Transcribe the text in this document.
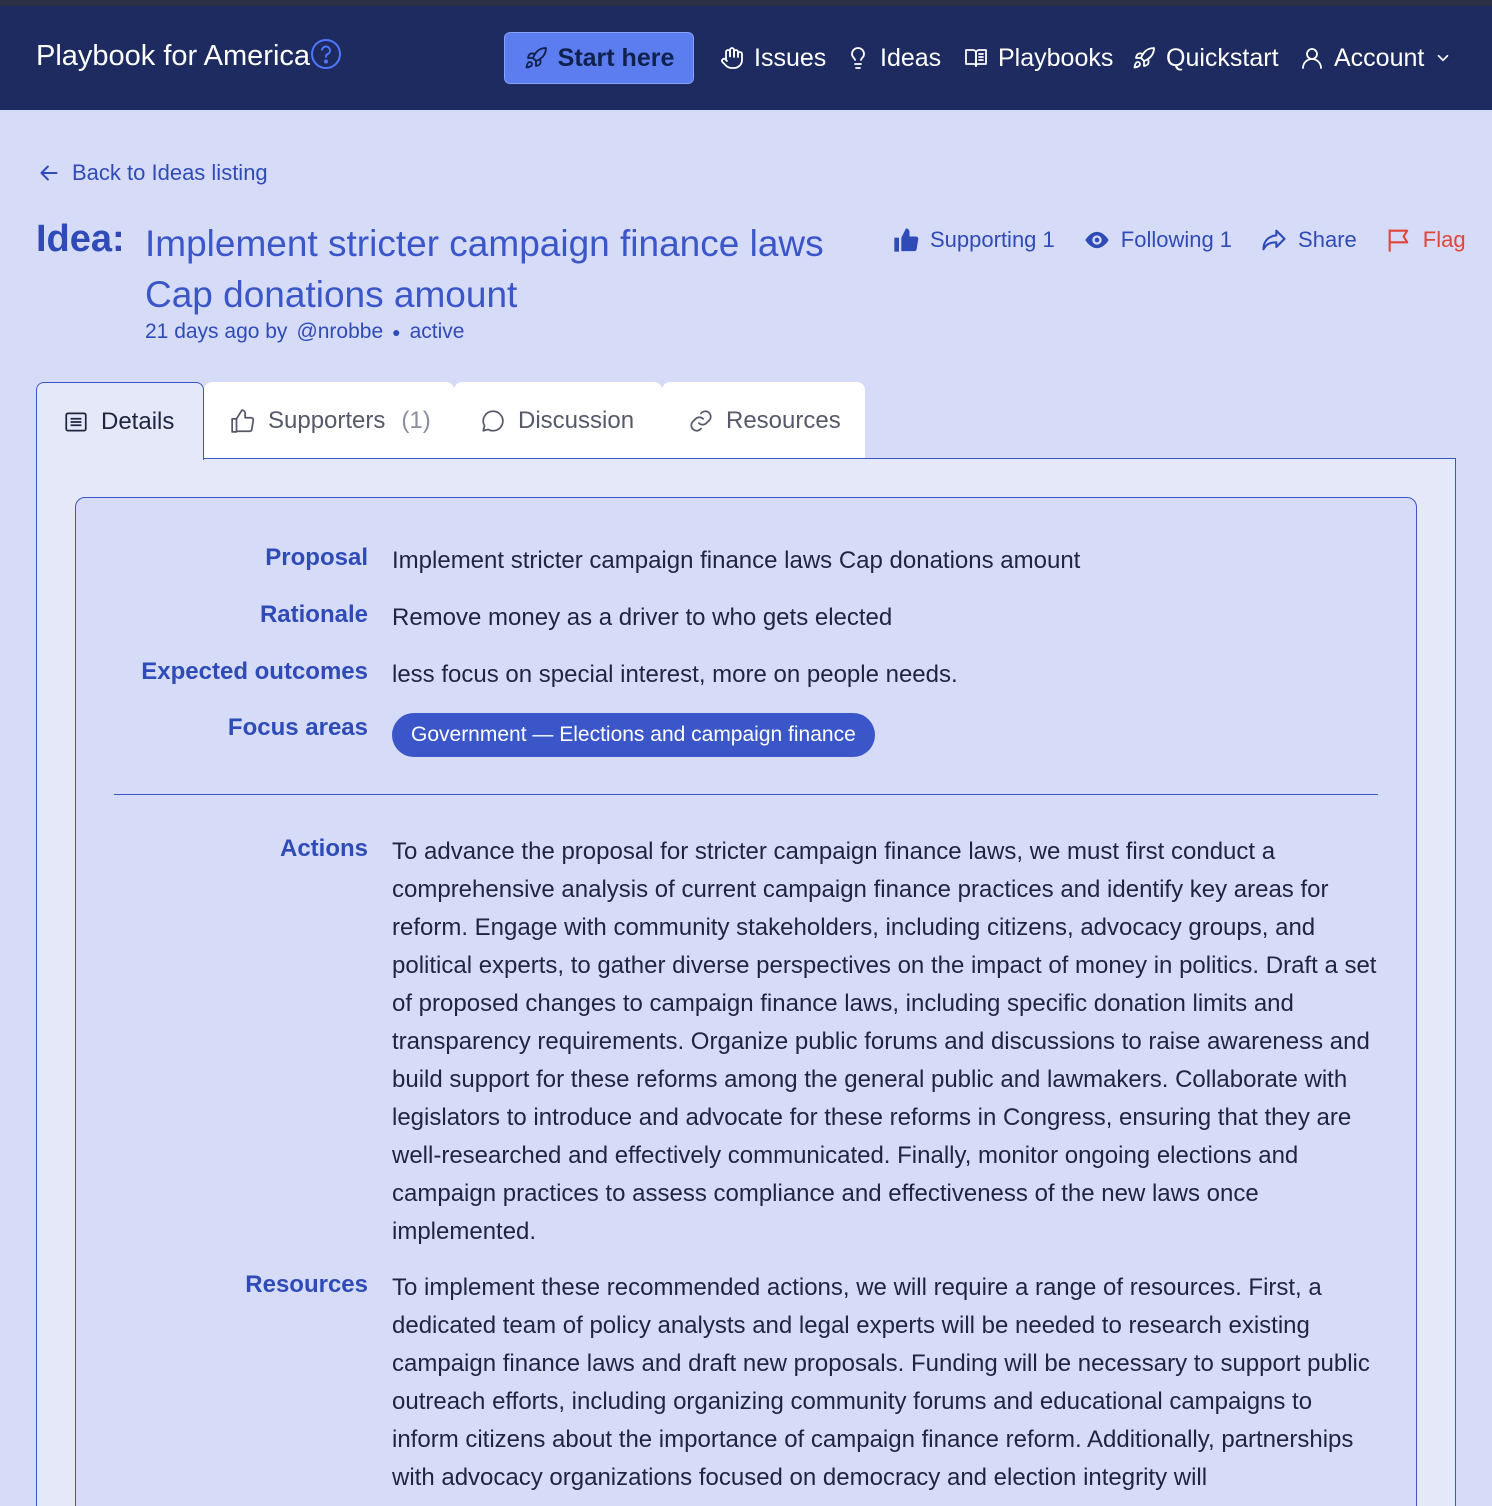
Playbook for America	Start here	Issues Ideas Playbooks Quickstart Account
Back to Ideas listing
Idea: Implement stricter campaign finance laws
Cap donations amount
21 days ago by @nrobbe ● active
Supporting 1	Following 1	Share	Flag
Details	Supporters (1)	Discussion	Resources
Proposal Implement stricter campaign finance laws Cap donations amount
Rationale Remove money as a driver to who gets elected
Expected outcomes less focus on special interest, more on people needs.
Focus areas	Government — Elections and campaign finance
Actions To advance the proposal for stricter campaign finance laws, we must first conduct a comprehensive analysis of current campaign finance practices and identify key areas for reform. Engage with community stakeholders, including citizens, advocacy groups, and political experts, to gather diverse perspectives on the impact of money in politics. Draft a set of proposed changes to campaign finance laws, including specific donation limits and transparency requirements. Organize public forums and discussions to raise awareness and build support for these reforms among the general public and lawmakers. Collaborate with legislators to introduce and advocate for these reforms in Congress, ensuring that they are well-researched and effectively communicated. Finally, monitor ongoing elections and campaign practices to assess compliance and effectiveness of the new laws once implemented.
Resources To implement these recommended actions, we will require a range of resources. First, a dedicated team of policy analysts and legal experts will be needed to research existing campaign finance laws and draft new proposals. Funding will be necessary to support public outreach efforts, including organizing community forums and educational campaigns to inform citizens about the importance of campaign finance reform. Additionally, partnerships with advocacy organizations focused on democracy and election integrity will
